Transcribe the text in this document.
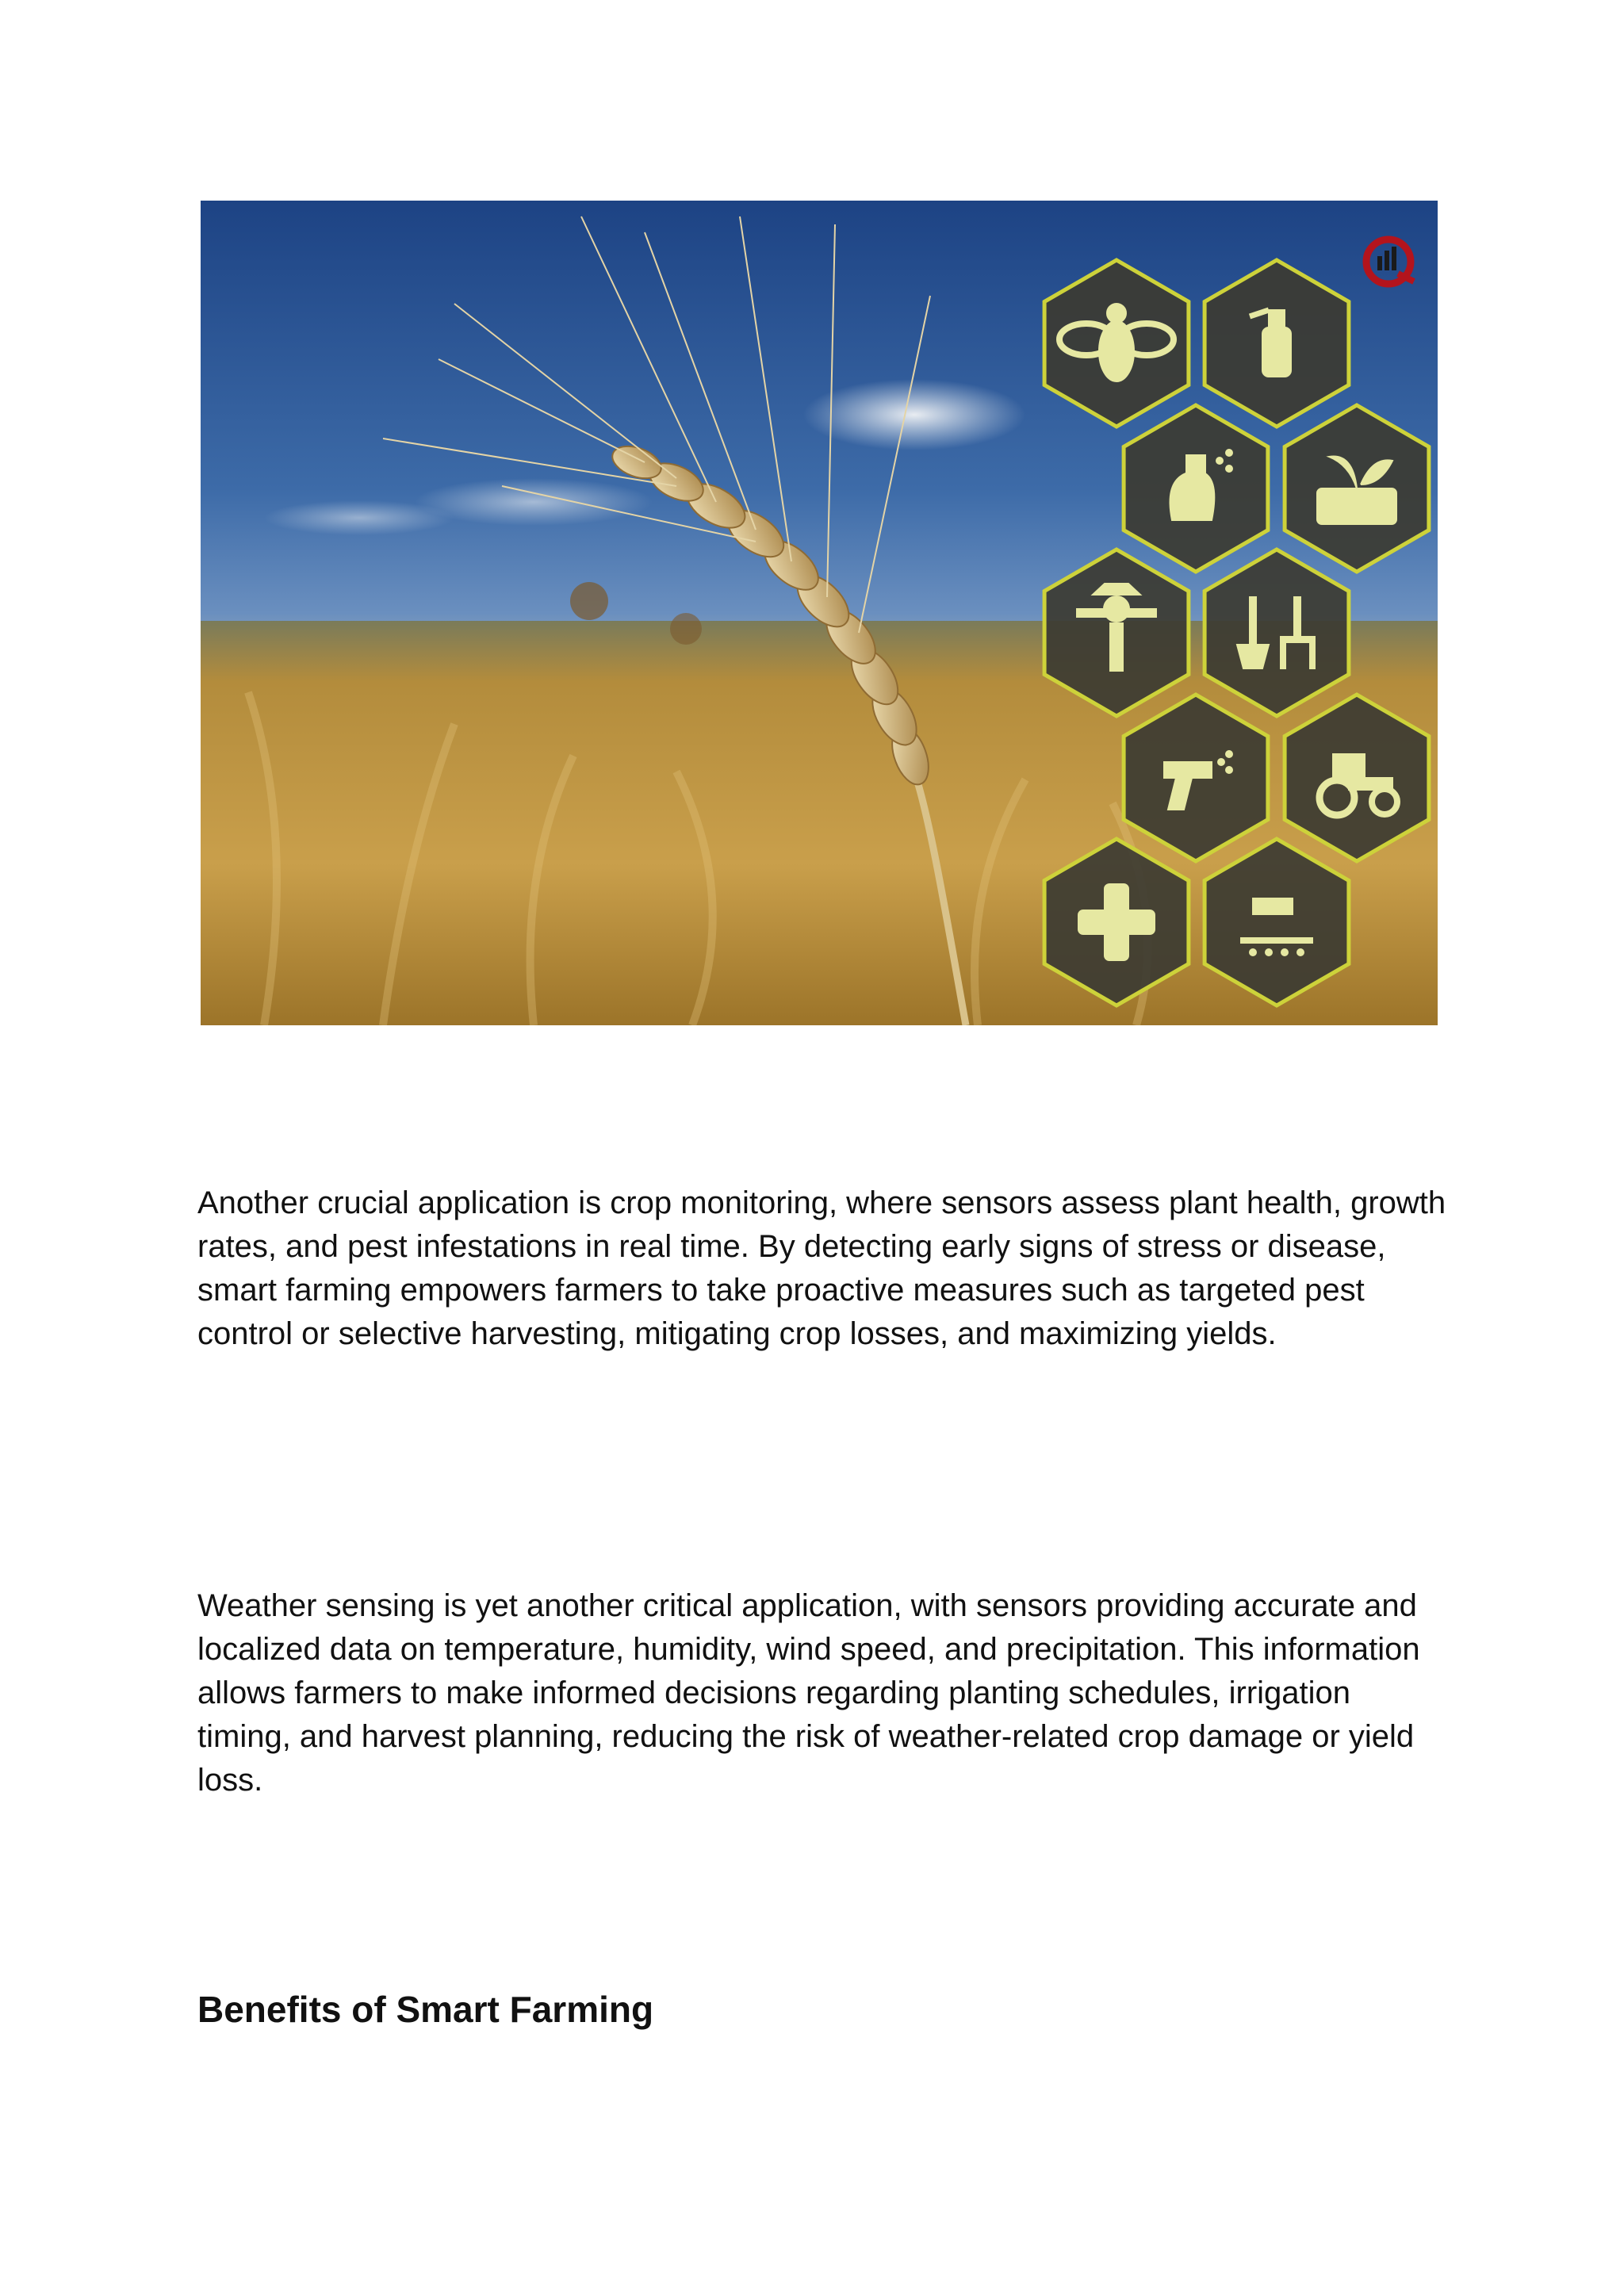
Another crucial application is crop monitoring, where sensors assess plant health, growth rates, and pest infestations in real time. By detecting early signs of stress or disease, smart farming empowers farmers to take proactive measures such as targeted pest control or selective harvesting, mitigating crop losses, and maximizing yields.

Weather sensing is yet another critical application, with sensors providing accurate and localized data on temperature, humidity, wind speed, and precipitation. This information allows farmers to make informed decisions regarding planting schedules, irrigation timing, and harvest planning, reducing the risk of weather-related crop damage or yield loss.

Benefits of Smart Farming
